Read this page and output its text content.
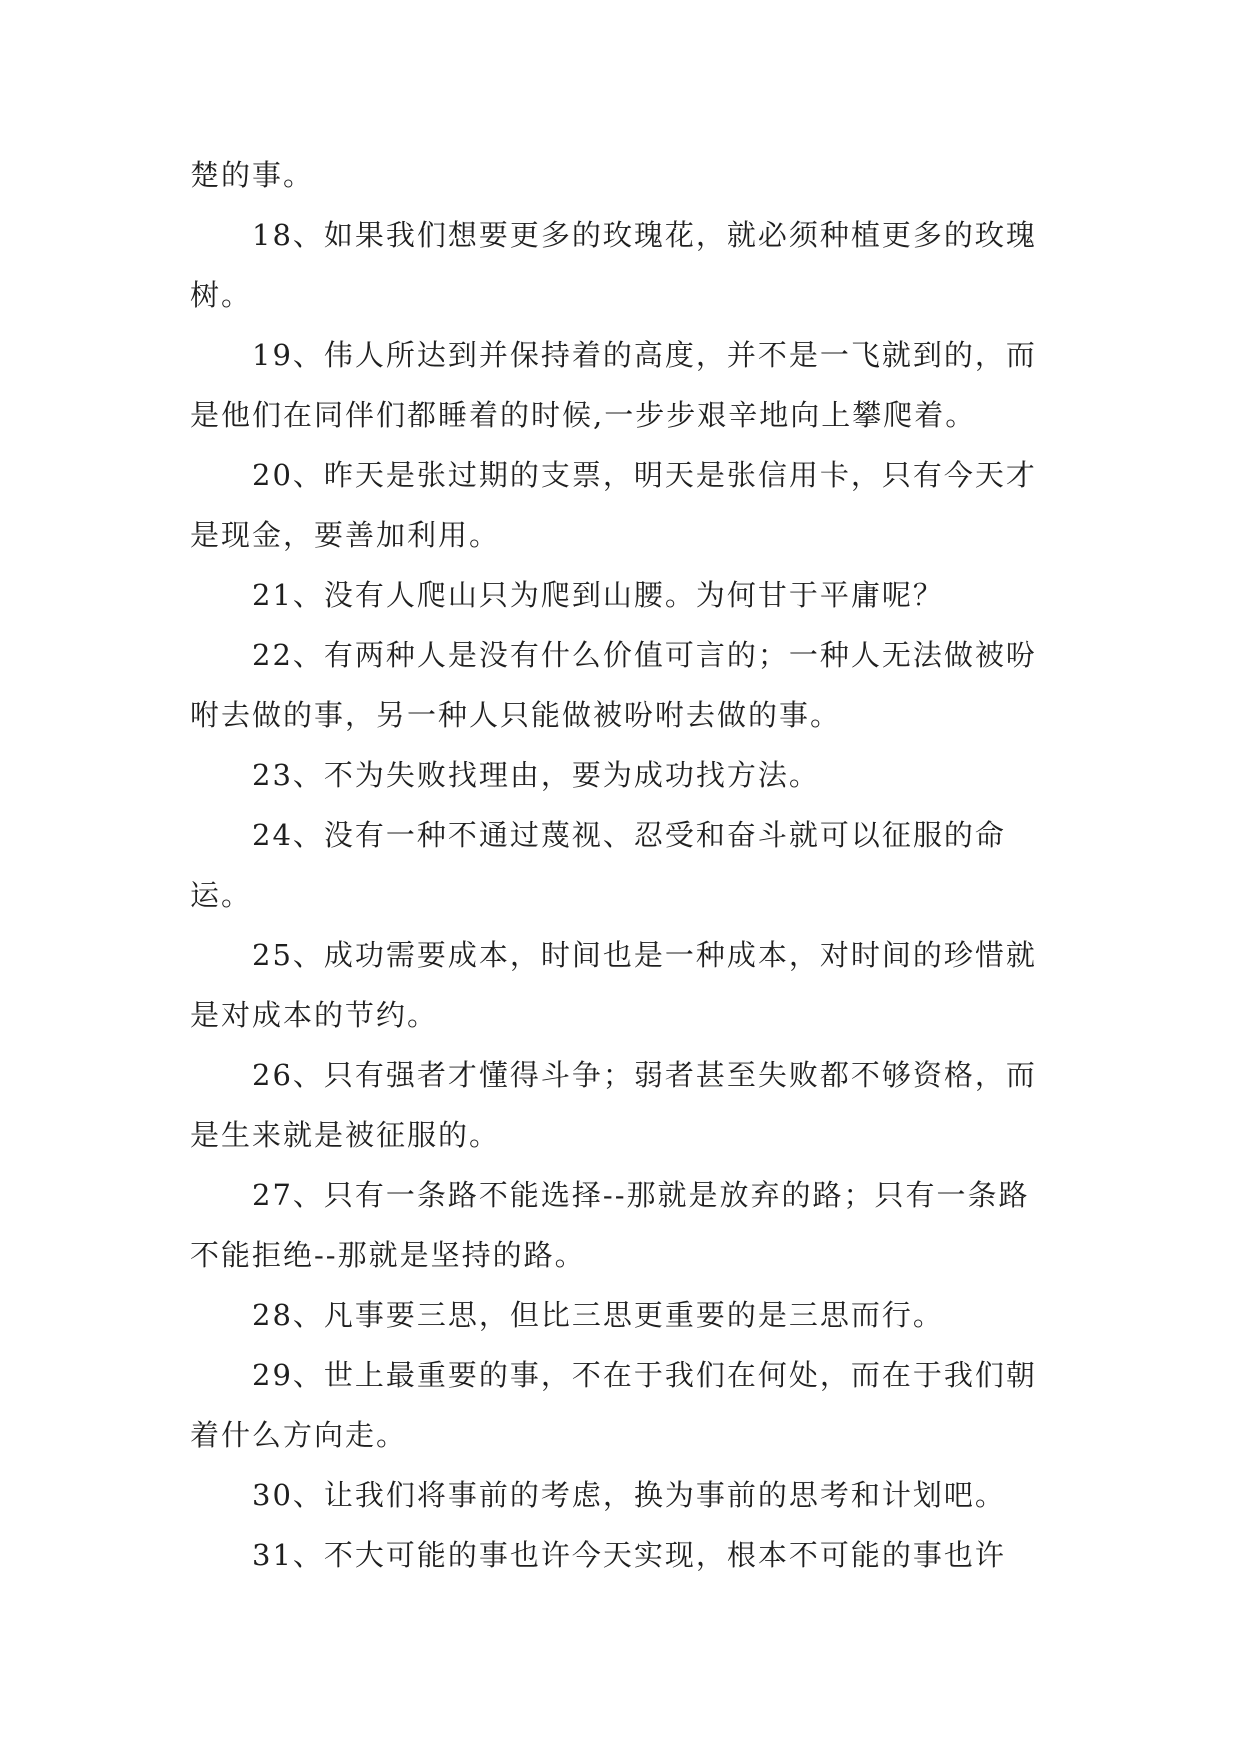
楚的事。

18、如果我们想要更多的玫瑰花，就必须种植更多的玫瑰树。

19、伟人所达到并保持着的高度，并不是一飞就到的，而是他们在同伴们都睡着的时候,一步步艰辛地向上攀爬着。

20、昨天是张过期的支票，明天是张信用卡，只有今天才是现金，要善加利用。

21、没有人爬山只为爬到山腰。为何甘于平庸呢？

22、有两种人是没有什么价值可言的；一种人无法做被吩咐去做的事，另一种人只能做被吩咐去做的事。

23、不为失败找理由，要为成功找方法。

24、没有一种不通过蔑视、忍受和奋斗就可以征服的命运。

25、成功需要成本，时间也是一种成本，对时间的珍惜就是对成本的节约。

26、只有强者才懂得斗争；弱者甚至失败都不够资格，而是生来就是被征服的。

27、只有一条路不能选择--那就是放弃的路；只有一条路不能拒绝--那就是坚持的路。

28、凡事要三思，但比三思更重要的是三思而行。

29、世上最重要的事，不在于我们在何处，而在于我们朝着什么方向走。

30、让我们将事前的考虑，换为事前的思考和计划吧。

31、不大可能的事也许今天实现，根本不可能的事也许
